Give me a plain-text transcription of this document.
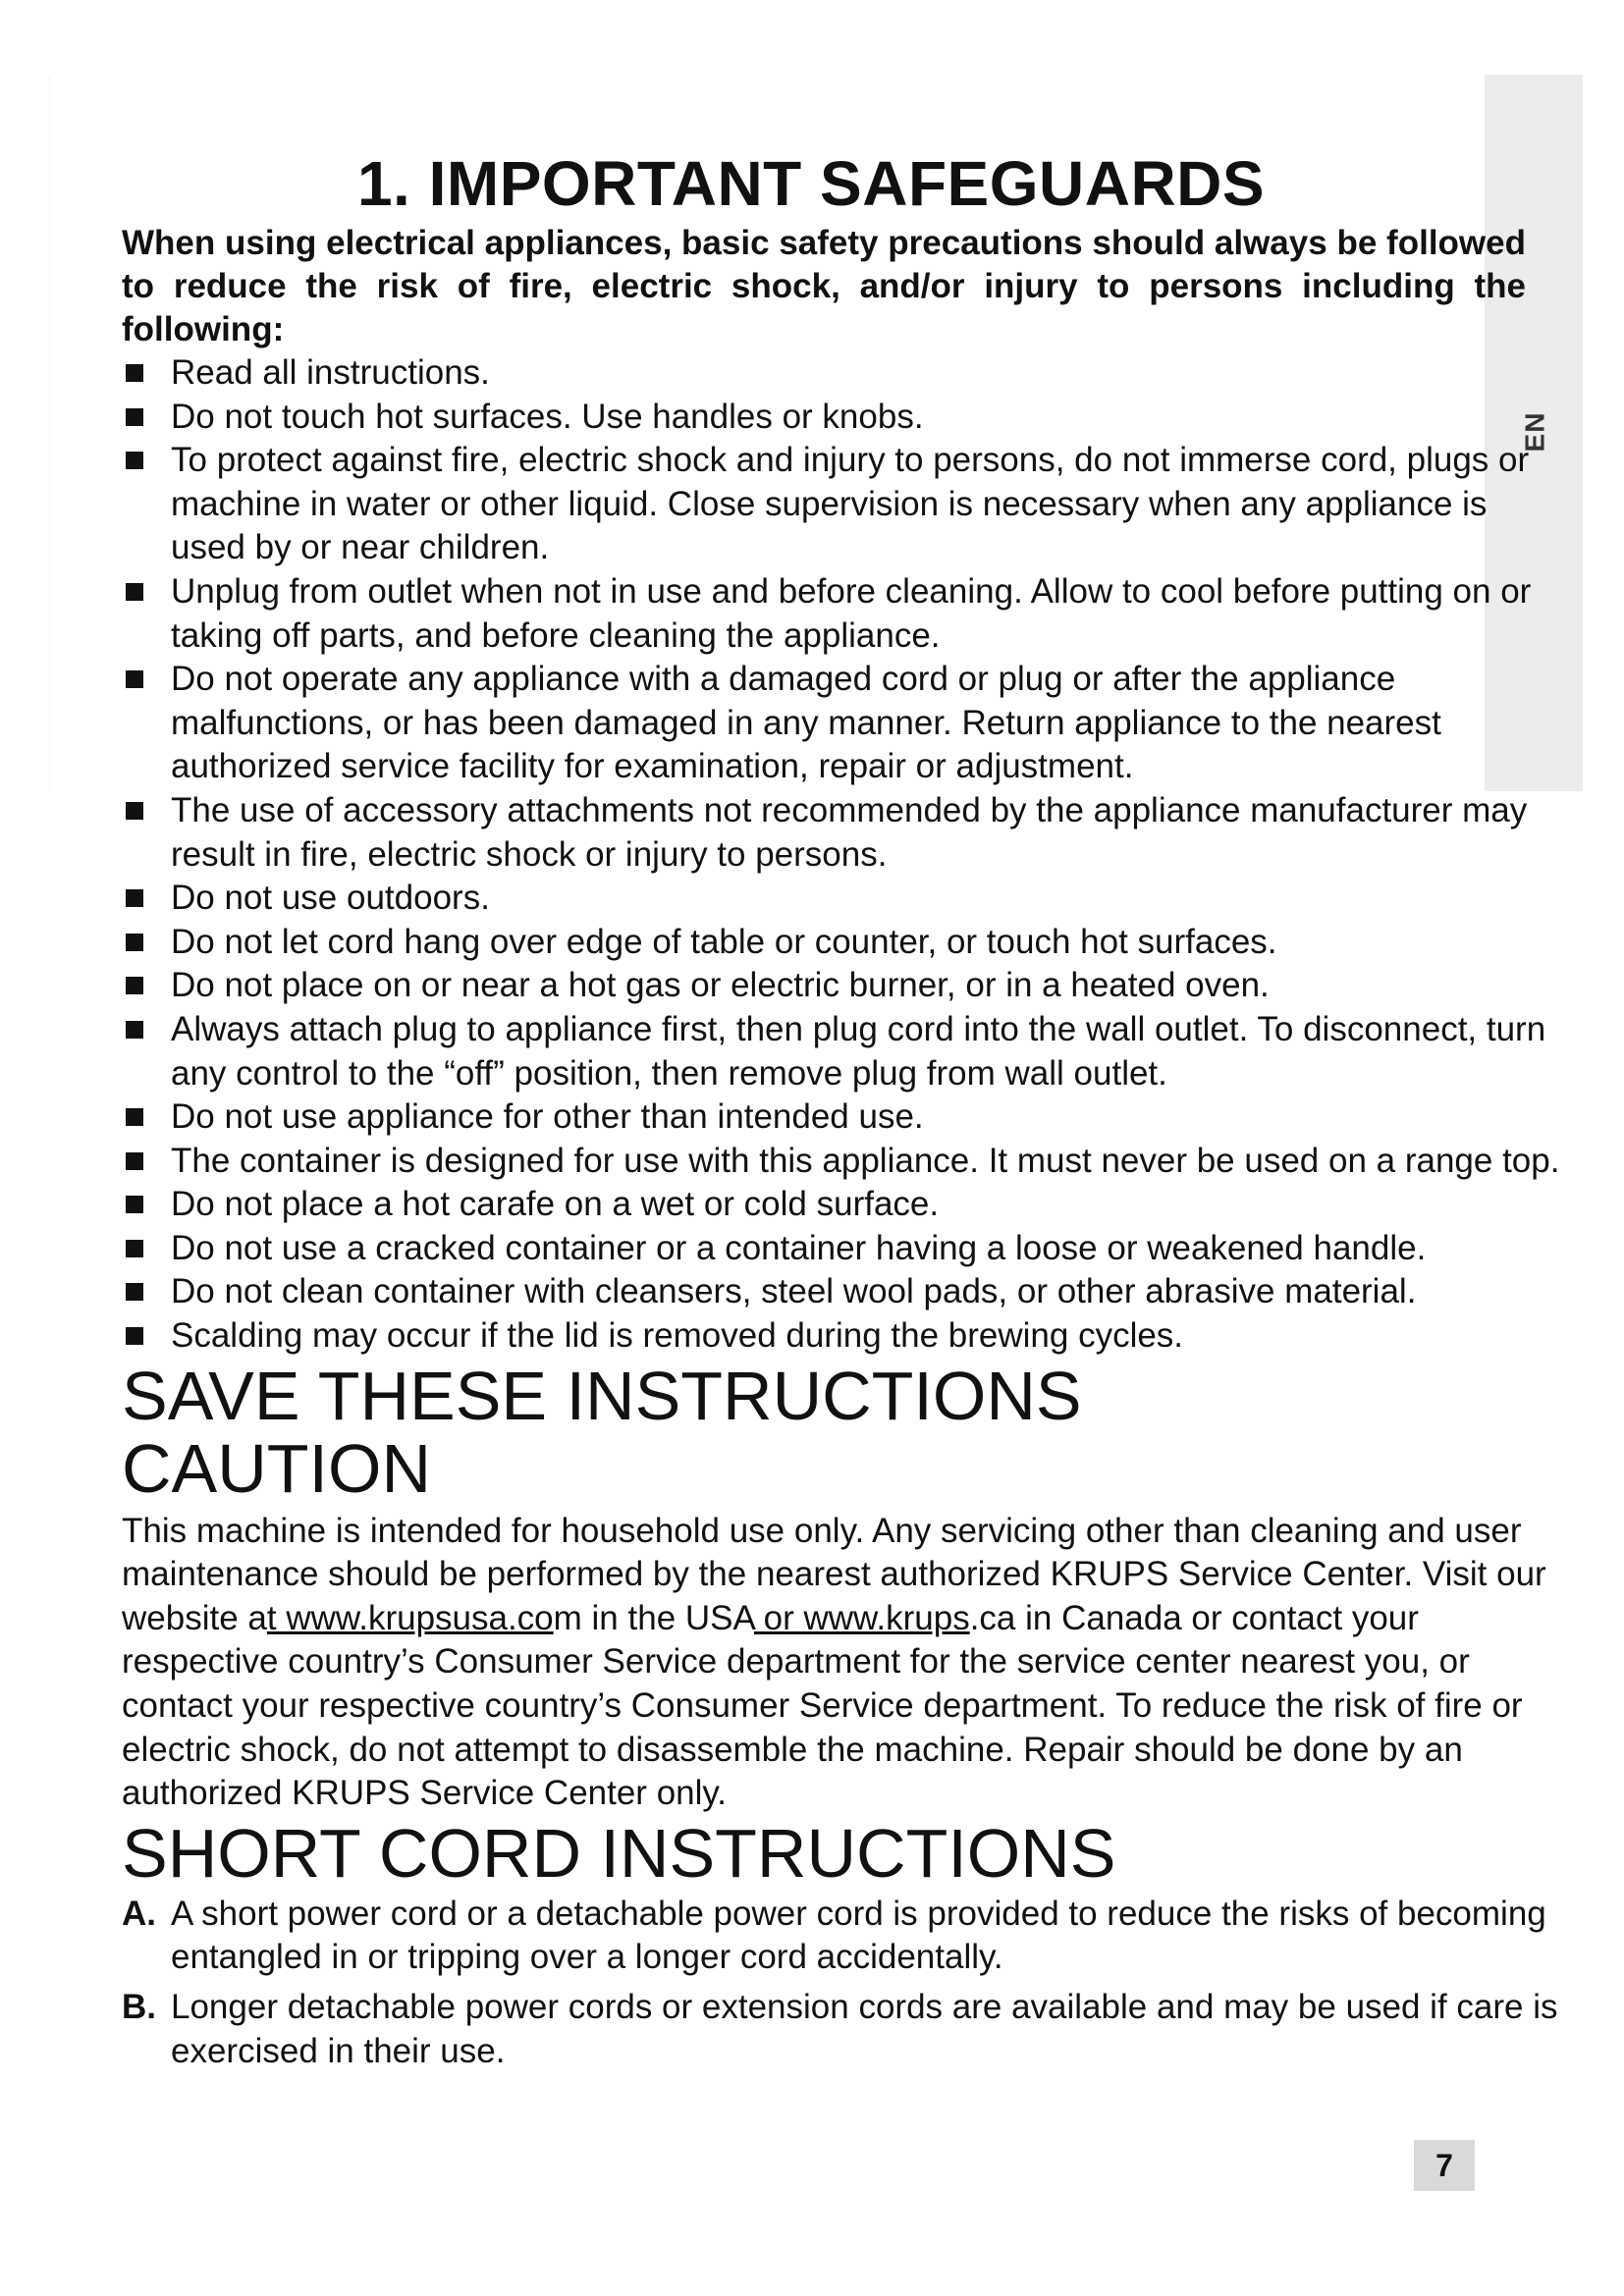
EN
1. IMPORTANT SAFEGUARDS

When using electrical appliances, basic safety precautions should always be followed to reduce the risk of fire, electric shock, and/or injury to persons including the following:

Read all instructions.
Do not touch hot surfaces. Use handles or knobs.
To protect against fire, electric shock and injury to persons, do not immerse cord, plugs or machine in water or other liquid. Close supervision is necessary when any appliance is used by or near children.
Unplug from outlet when not in use and before cleaning. Allow to cool before putting on or taking off parts, and before cleaning the appliance.
Do not operate any appliance with a damaged cord or plug or after the appliance malfunctions, or has been damaged in any manner. Return appliance to the nearest authorized service facility for examination, repair or adjustment.
The use of accessory attachments not recommended by the appliance manufacturer may result in fire, electric shock or injury to persons.
Do not use outdoors.
Do not let cord hang over edge of table or counter, or touch hot surfaces.
Do not place on or near a hot gas or electric burner, or in a heated oven.
Always attach plug to appliance first, then plug cord into the wall outlet. To disconnect, turn any control to the “off” position, then remove plug from wall outlet.
Do not use appliance for other than intended use.
The container is designed for use with this appliance. It must never be used on a range top.
Do not place a hot carafe on a wet or cold surface.
Do not use a cracked container or a container having a loose or weakened handle.
Do not clean container with cleansers, steel wool pads, or other abrasive material.
Scalding may occur if the lid is removed during the brewing cycles.
SAVE THESE INSTRUCTIONS
CAUTION

This machine is intended for household use only. Any servicing other than cleaning and user maintenance should be performed by the nearest authorized KRUPS Service Center. Visit our website at www.krupsusa.com in the USA or www.krups.ca in Canada or contact your respective country’s Consumer Service department for the service center nearest you, or contact your respective country’s Consumer Service department. To reduce the risk of fire or electric shock, do not attempt to disassemble the machine. Repair should be done by an authorized KRUPS Service Center only.

SHORT CORD INSTRUCTIONS
A. A short power cord or a detachable power cord is provided to reduce the risks of becoming entangled in or tripping over a longer cord accidentally.
B. Longer detachable power cords or extension cords are available and may be used if care is exercised in their use.
7
